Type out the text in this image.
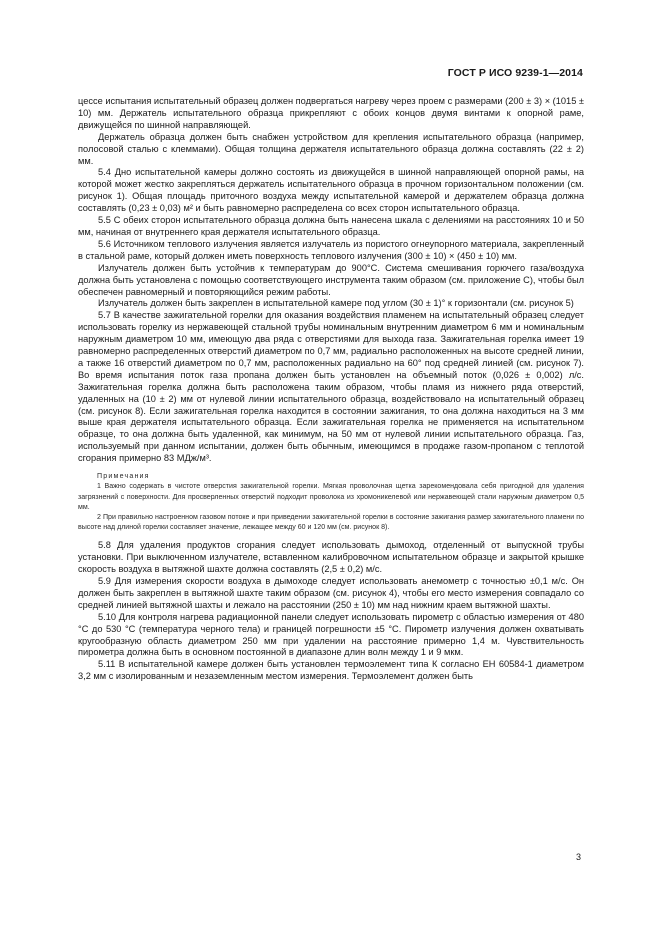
ГОСТ Р ИСО 9239-1—2014

цессе испытания испытательный образец должен подвергаться нагреву через проем с размерами (200 ± 3) × (1015 ± 10) мм. Держатель испытательного образца прикрепляют с обоих концов двумя винтами к опорной раме, движущейся по шинной направляющей.

Держатель образца должен быть снабжен устройством для крепления испытательного образца (например, полосовой сталью с клеммами). Общая толщина держателя испытательного образца должна составлять (22 ± 2) мм.

5.4 Дно испытательной камеры должно состоять из движущейся в шинной направляющей опорной рамы, на которой может жестко закрепляться держатель испытательного образца в прочном горизонтальном положении (см. рисунок 1). Общая площадь приточного воздуха между испытательной камерой и держателем образца должна составлять (0,23 ± 0,03) м² и быть равномерно распределена со всех сторон испытательного образца.

5.5 С обеих сторон испытательного образца должна быть нанесена шкала с делениями на расстояниях 10 и 50 мм, начиная от внутреннего края держателя испытательного образца.

5.6 Источником теплового излучения является излучатель из пористого огнеупорного материала, закрепленный в стальной раме, который должен иметь поверхность теплового излучения (300 ± 10) × (450 ± 10) мм.

Излучатель должен быть устойчив к температурам до 900°С. Система смешивания горючего газа/воздуха должна быть установлена с помощью соответствующего инструмента таким образом (см. приложение С), чтобы был обеспечен равномерный и повторяющийся режим работы.

Излучатель должен быть закреплен в испытательной камере под углом (30 ± 1)° к горизонтали (см. рисунок 5)

5.7 В качестве зажигательной горелки для оказания воздействия пламенем на испытательный образец следует использовать горелку из нержавеющей стальной трубы номинальным внутренним диаметром 6 мм и номинальным наружным диаметром 10 мм, имеющую два ряда с отверстиями для выхода газа. Зажигательная горелка имеет 19 равномерно распределенных отверстий диаметром по 0,7 мм, радиально расположенных на высоте средней линии, а также 16 отверстий диаметром по 0,7 мм, расположенных радиально на 60° под средней линией (см. рисунок 7). Во время испытания поток газа пропана должен быть установлен на объемный поток (0,026 ± 0,002) л/с. Зажигательная горелка должна быть расположена таким образом, чтобы пламя из нижнего ряда отверстий, удаленных на (10 ± 2) мм от нулевой линии испытательного образца, воздействовало на испытательный образец (см. рисунок 8). Если зажигательная горелка находится в состоянии зажигания, то она должна находиться на 3 мм выше края держателя испытательного образца. Если зажигательная горелка не применяется на испытательном образце, то она должна быть удаленной, как минимум, на 50 мм от нулевой линии испытательного образца. Газ, используемый при данном испытании, должен быть обычным, имеющимся в продаже газом-пропаном с теплотой сгорания примерно 83 МДж/м³.

Примечания

1 Важно содержать в чистоте отверстия зажигательной горелки. Мягкая проволочная щетка зарекомендовала себя пригодной для удаления загрязнений с поверхности. Для просверленных отверстий подходит проволока из хромоникелевой или нержавеющей стали наружным диаметром 0,5 мм.

2 При правильно настроенном газовом потоке и при приведении зажигательной горелки в состояние зажигания размер зажигательного пламени по высоте над длиной горелки составляет значение, лежащее между 60 и 120 мм (см. рисунок 8).

5.8 Для удаления продуктов сгорания следует использовать дымоход, отделенный от выпускной трубы установки. При выключенном излучателе, вставленном калибровочном испытательном образце и закрытой крышке скорость воздуха в вытяжной шахте должна составлять (2,5 ± 0,2) м/с.

5.9 Для измерения скорости воздуха в дымоходе следует использовать анемометр с точностью ±0,1 м/с. Он должен быть закреплен в вытяжной шахте таким образом (см. рисунок 4), чтобы его место измерения совпадало со средней линией вытяжной шахты и лежало на расстоянии (250 ± 10) мм над нижним краем вытяжной шахты.

5.10 Для контроля нагрева радиационной панели следует использовать пирометр с областью измерения от 480 °С до 530 °С (температура черного тела) и границей погрешности ±5 °С. Пирометр излучения должен охватывать кругообразную область диаметром 250 мм при удалении на расстояние примерно 1,4 м. Чувствительность пирометра должна быть в основном постоянной в диапазоне длин волн между 1 и 9 мкм.

5.11 В испытательной камере должен быть установлен термоэлемент типа К согласно ЕН 60584-1 диаметром 3,2 мм с изолированным и незаземленным местом измерения. Термоэлемент должен быть

3
